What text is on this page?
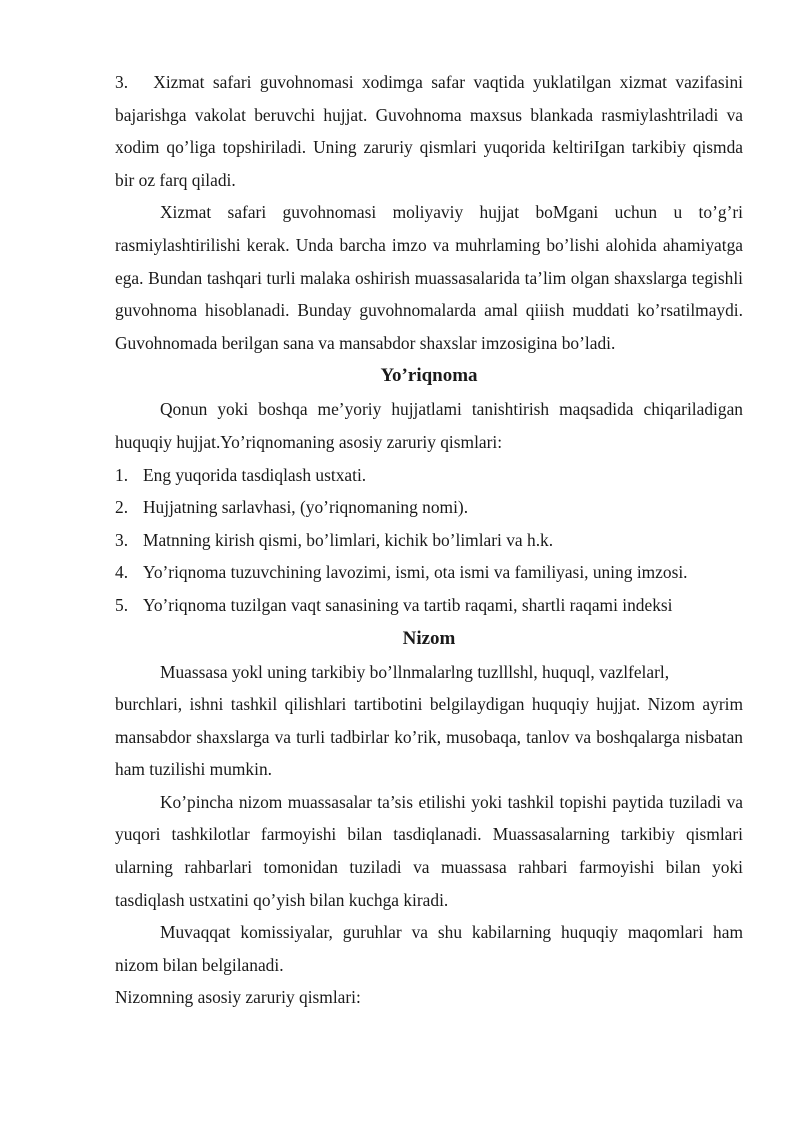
3. Xizmat safari guvohnomasi xodimga safar vaqtida yuklatilgan xizmat vazifasini bajarishga vakolat beruvchi hujjat. Guvohnoma maxsus blankada rasmiylashtriladi va xodim qo’liga topshiriladi. Uning zaruriy qismlari yuqorida keltiriIgan tarkibiy qismda bir oz farq qiladi.

Xizmat safari guvohnomasi moliyaviy hujjat boMgani uchun u to’g’ri rasmiylashtirilishi kerak. Unda barcha imzo va muhrlaming bo’lishi alohida ahamiyatga ega. Bundan tashqari turli malaka oshirish muassasalarida ta’lim olgan shaxslarga tegishli guvohnoma hisoblanadi. Bunday guvohnomalarda amal qiiish muddati ko’rsatilmaydi. Guvohnomada berilgan sana va mansabdor shaxslar imzosigina bo’ladi.

Yo’riqnoma

Qonun yoki boshqa me’yoriy hujjatlami tanishtirish maqsadida chiqariladigan huquqiy hujjat.Yo’riqnomaning asosiy zaruriy qismlari:

1. Eng yuqorida tasdiqlash ustxati.
2. Hujjatning sarlavhasi, (yo’riqnomaning nomi).
3. Matnning kirish qismi, bo’limlari, kichik bo’limlari va h.k.
4. Yo’riqnoma tuzuvchining lavozimi, ismi, ota ismi va familiyasi, uning imzosi.
5. Yo’riqnoma tuzilgan vaqt sanasining va tartib raqami, shartli raqami indeksi
Nizom

Muassasa yokl uning tarkibiy bo’llnmalarlng tuzlllshl, huquql, vazlfelarl,

burchlari, ishni tashkil qilishlari tartibotini belgilaydigan huquqiy hujjat. Nizom ayrim mansabdor shaxslarga va turli tadbirlar ko’rik, musobaqa, tanlov va boshqalarga nisbatan ham tuzilishi mumkin.

Ko’pincha nizom muassasalar ta’sis etilishi yoki tashkil topishi paytida tuziladi va yuqori tashkilotlar farmoyishi bilan tasdiqlanadi. Muassasalarning tarkibiy qismlari ularning rahbarlari tomonidan tuziladi va muassasa rahbari farmoyishi bilan yoki tasdiqlash ustxatini qo’yish bilan kuchga kiradi.

Muvaqqat komissiyalar, guruhlar va shu kabilarning huquqiy maqomlari ham nizom bilan belgilanadi.

Nizomning asosiy zaruriy qismlari:
